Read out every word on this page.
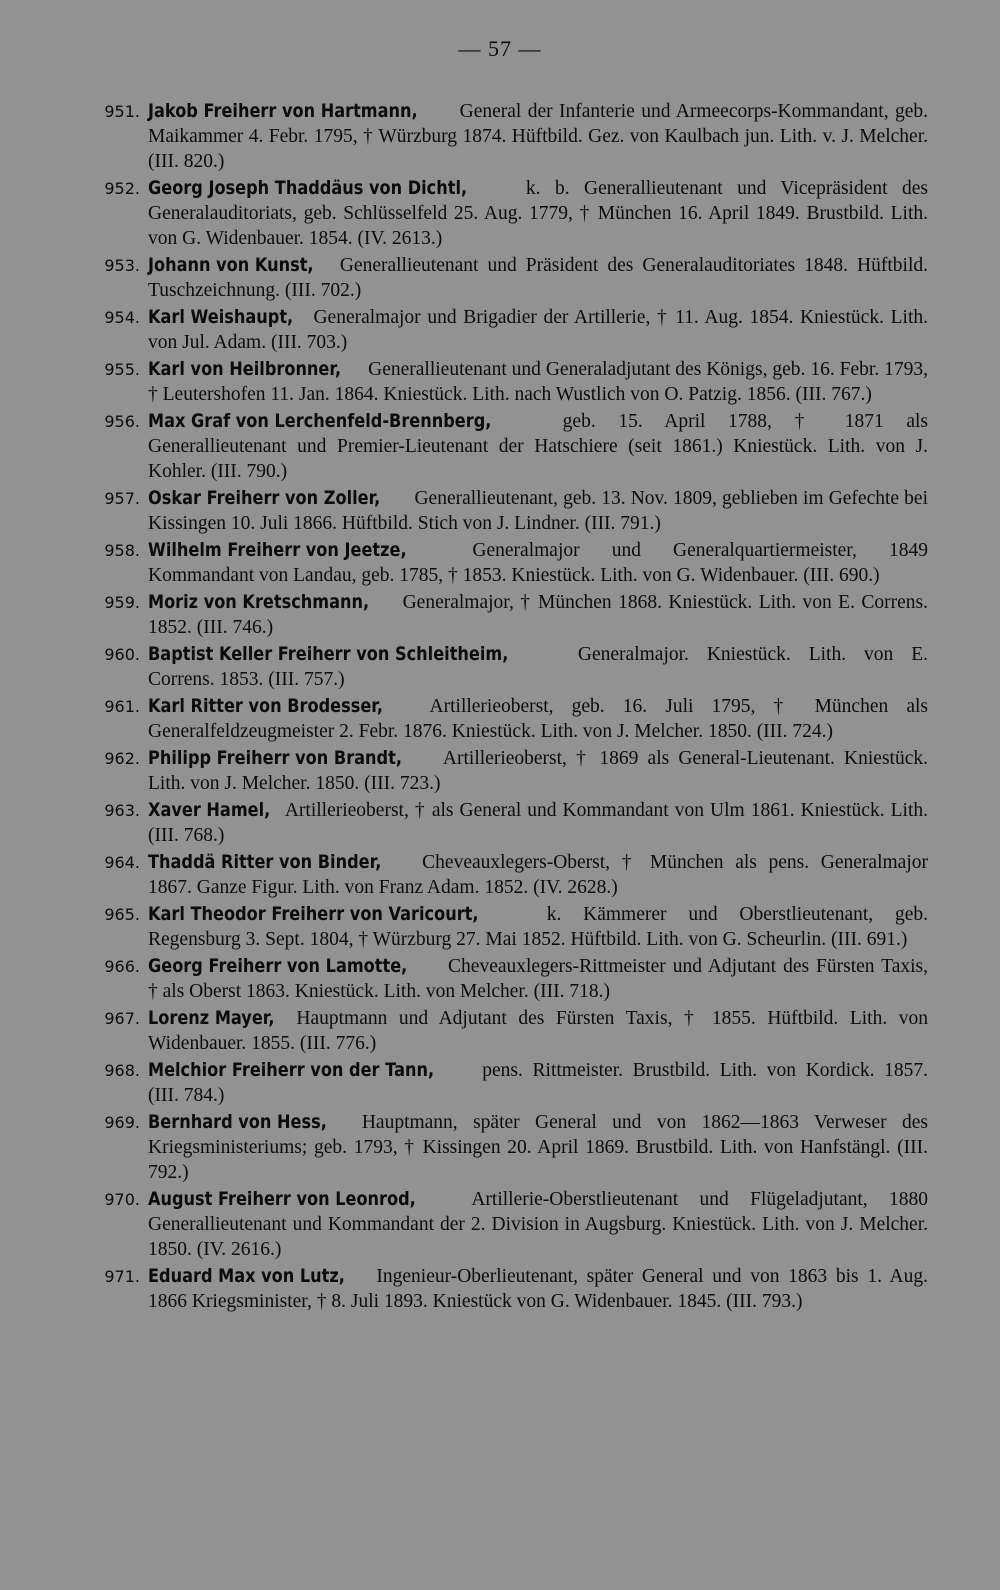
— 57 —
951. Jakob Freiherr von Hartmann, General der Infanterie und Armeecorps-Kommandant, geb. Maikammer 4. Febr. 1795, † Würzburg 1874. Hüftbild. Gez. von Kaulbach jun. Lith. v. J. Melcher. (III. 820.)
952. Georg Joseph Thaddäus von Dichtl,	k. b. Generallieutenant und Vicepräsident des Generalauditoriats, geb. Schlüsselfeld 25. Aug. 1779, † München 16. April 1849. Brustbild. Lith. von G. Widenbauer. 1854. (IV. 2613.)
953. Johann von Kunst, Generallieutenant und Präsident des Generalauditoriates 1848. Hüftbild. Tuschzeichnung. (III. 702.)
954. Karl Weishaupt, Generalmajor und Brigadier der Artillerie, † 11. Aug. 1854. Kniestück. Lith. von Jul. Adam. (III. 703.)
955. Karl von Heilbronner, Generallieutenant und Generaladjutant des Königs, geb. 16. Febr. 1793, † Leutershofen 11. Jan. 1864. Kniestück. Lith. nach Wustlich von O. Patzig. 1856. (III. 767.)
956. Max Graf von Lerchenfeld-Brennberg,	geb. 15. April 1788, † 1871 als Generallieutenant und Premier-Lieutenant der Hatschiere (seit 1861.) Kniestück. Lith. von J. Kohler. (III. 790.)
957. Oskar Freiherr von Zoller, Generallieutenant, geb. 13. Nov. 1809, geblieben im Gefechte bei Kissingen 10. Juli 1866. Hüftbild. Stich von J. Lindner. (III. 791.)
958. Wilhelm Freiherr von Jeetze,	Generalmajor und Generalquartiermeister, 1849 Kommandant von Landau, geb. 1785, † 1853. Kniestück. Lith. von G. Widenbauer. (III. 690.)
959. Moriz von Kretschmann, Generalmajor, † München 1868. Kniestück. Lith. von E. Correns. 1852. (III. 746.)
960. Baptist Keller Freiherr von Schleitheim,	Generalmajor. Kniestück. Lith. von E. Correns. 1853. (III. 757.)
961. Karl Ritter von Brodesser, Artillerieoberst, geb. 16. Juli 1795, † München als Generalfeldzeugmeister 2. Febr. 1876. Kniestück. Lith. von J. Melcher. 1850. (III. 724.)
962. Philipp Freiherr von Brandt, Artillerieoberst, † 1869 als General-Lieutenant. Kniestück. Lith. von J. Melcher. 1850. (III. 723.)
963. Xaver Hamel, Artillerieoberst, † als General und Kommandant von Ulm 1861. Kniestück. Lith. (III. 768.)
964. Thaddä Ritter von Binder, Cheveauxlegers-Oberst, † München als pens. Generalmajor 1867. Ganze Figur. Lith. von Franz Adam. 1852. (IV. 2628.)
965. Karl Theodor Freiherr von Varicourt,	k. Kämmerer und Oberstlieutenant, geb. Regensburg 3. Sept. 1804, † Würzburg 27. Mai 1852. Hüftbild. Lith. von G. Scheurlin. (III. 691.)
966. Georg Freiherr von Lamotte, Cheveauxlegers-Rittmeister und Adjutant des Fürsten Taxis, † als Oberst 1863. Kniestück. Lith. von Melcher. (III. 718.)
967. Lorenz Mayer, Hauptmann und Adjutant des Fürsten Taxis, † 1855. Hüftbild. Lith. von Widenbauer. 1855. (III. 776.)
968. Melchior Freiherr von der Tann, pens. Rittmeister. Brustbild. Lith. von Kordick. 1857. (III. 784.)
969. Bernhard von Hess, Hauptmann, später General und von 1862—1863 Verweser des Kriegsministeriums; geb. 1793, † Kissingen 20. April 1869. Brustbild. Lith. von Hanfstängl. (III. 792.)
970. August Freiherr von Leonrod,	Artillerie-Oberstlieutenant und Flügeladjutant, 1880 Generallieutenant und Kommandant der 2. Division in Augsburg. Kniestück. Lith. von J. Melcher. 1850. (IV. 2616.)
971. Eduard Max von Lutz, Ingenieur-Oberlieutenant, später General und von 1863 bis 1. Aug. 1866 Kriegsminister, † 8. Juli 1893. Kniestück von G. Widenbauer. 1845. (III. 793.)
